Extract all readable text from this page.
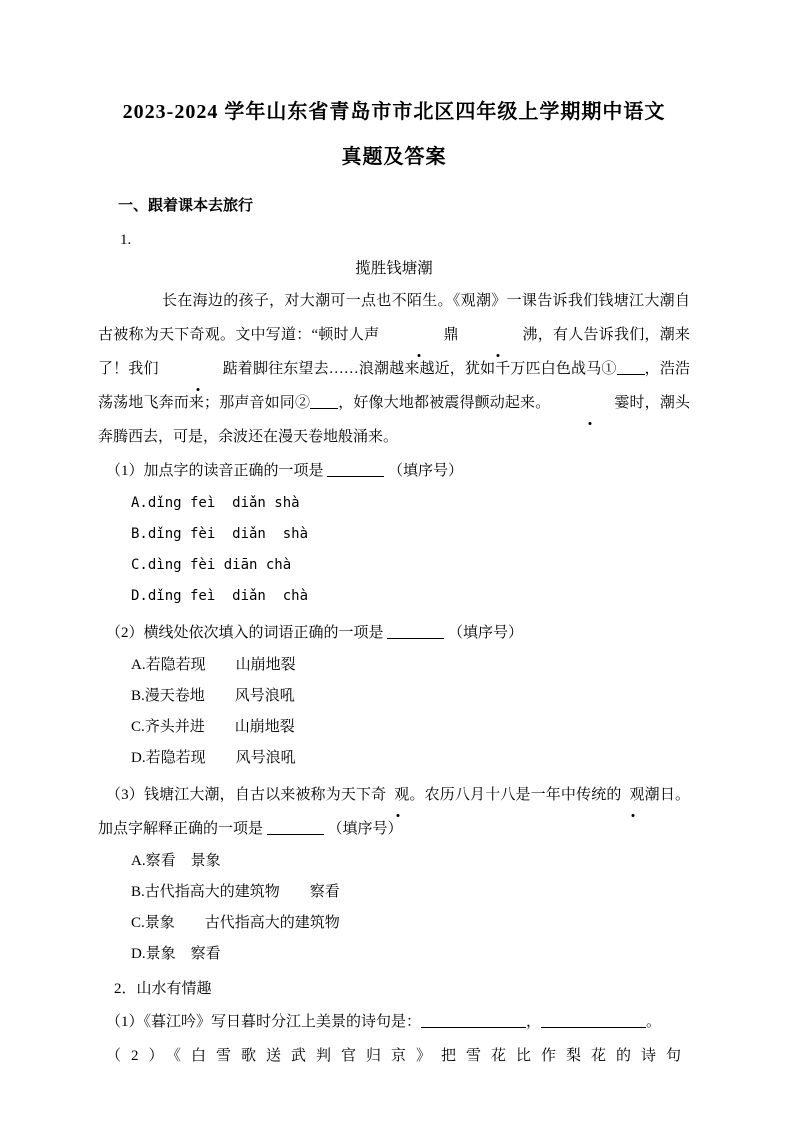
2023-2024 学年山东省青岛市市北区四年级上学期期中语文
真题及答案
一、跟着课本去旅行
1.
揽胜钱塘潮
长在海边的孩子，对大潮可一点也不陌生。《观潮》一课告诉我们钱塘江大潮自古被称为天下奇观。文中写道：“顿时人声	鼎	沸，有人告诉我们，潮来了！我们	踮着脚往东望去……浪潮越来越近，犹如千万匹白色战马① ，浩浩荡荡地飞奔而来；那声音如同② ，好像大地都被震得颤动起来。	霎时，潮头奔腾西去，可是，余波还在漫天卷地般涌来。
（1）加点字的读音正确的一项是	（填序号）
A.dǐng feì  diǎn shà
B.dǐng fèi  diǎn  shà
C.dìng fèi diān chà
D.dǐng feì  diǎn  chà
（2）横线处依次填入的词语正确的一项是	（填序号）
A.若隐若现　　山崩地裂
B.漫天卷地　　风号浪吼
C.齐头并进　　山崩地裂
D.若隐若现　　风号浪吼
（3）钱塘江大潮，自古以来被称为天下奇 观。农历八月十八是一年中传统的 观潮日。加点字解释正确的一项是	（填序号）
A.察看　景象
B.古代指高大的建筑物　　察看
C.景象　　古代指高大的建筑物
D.景象　察看
2．山水有情趣
（1）《暮江吟》写日暮时分江上美景的诗句是：	，	。
（2）《白雪歌送武判官归京》把雪花比作梨花的诗句
